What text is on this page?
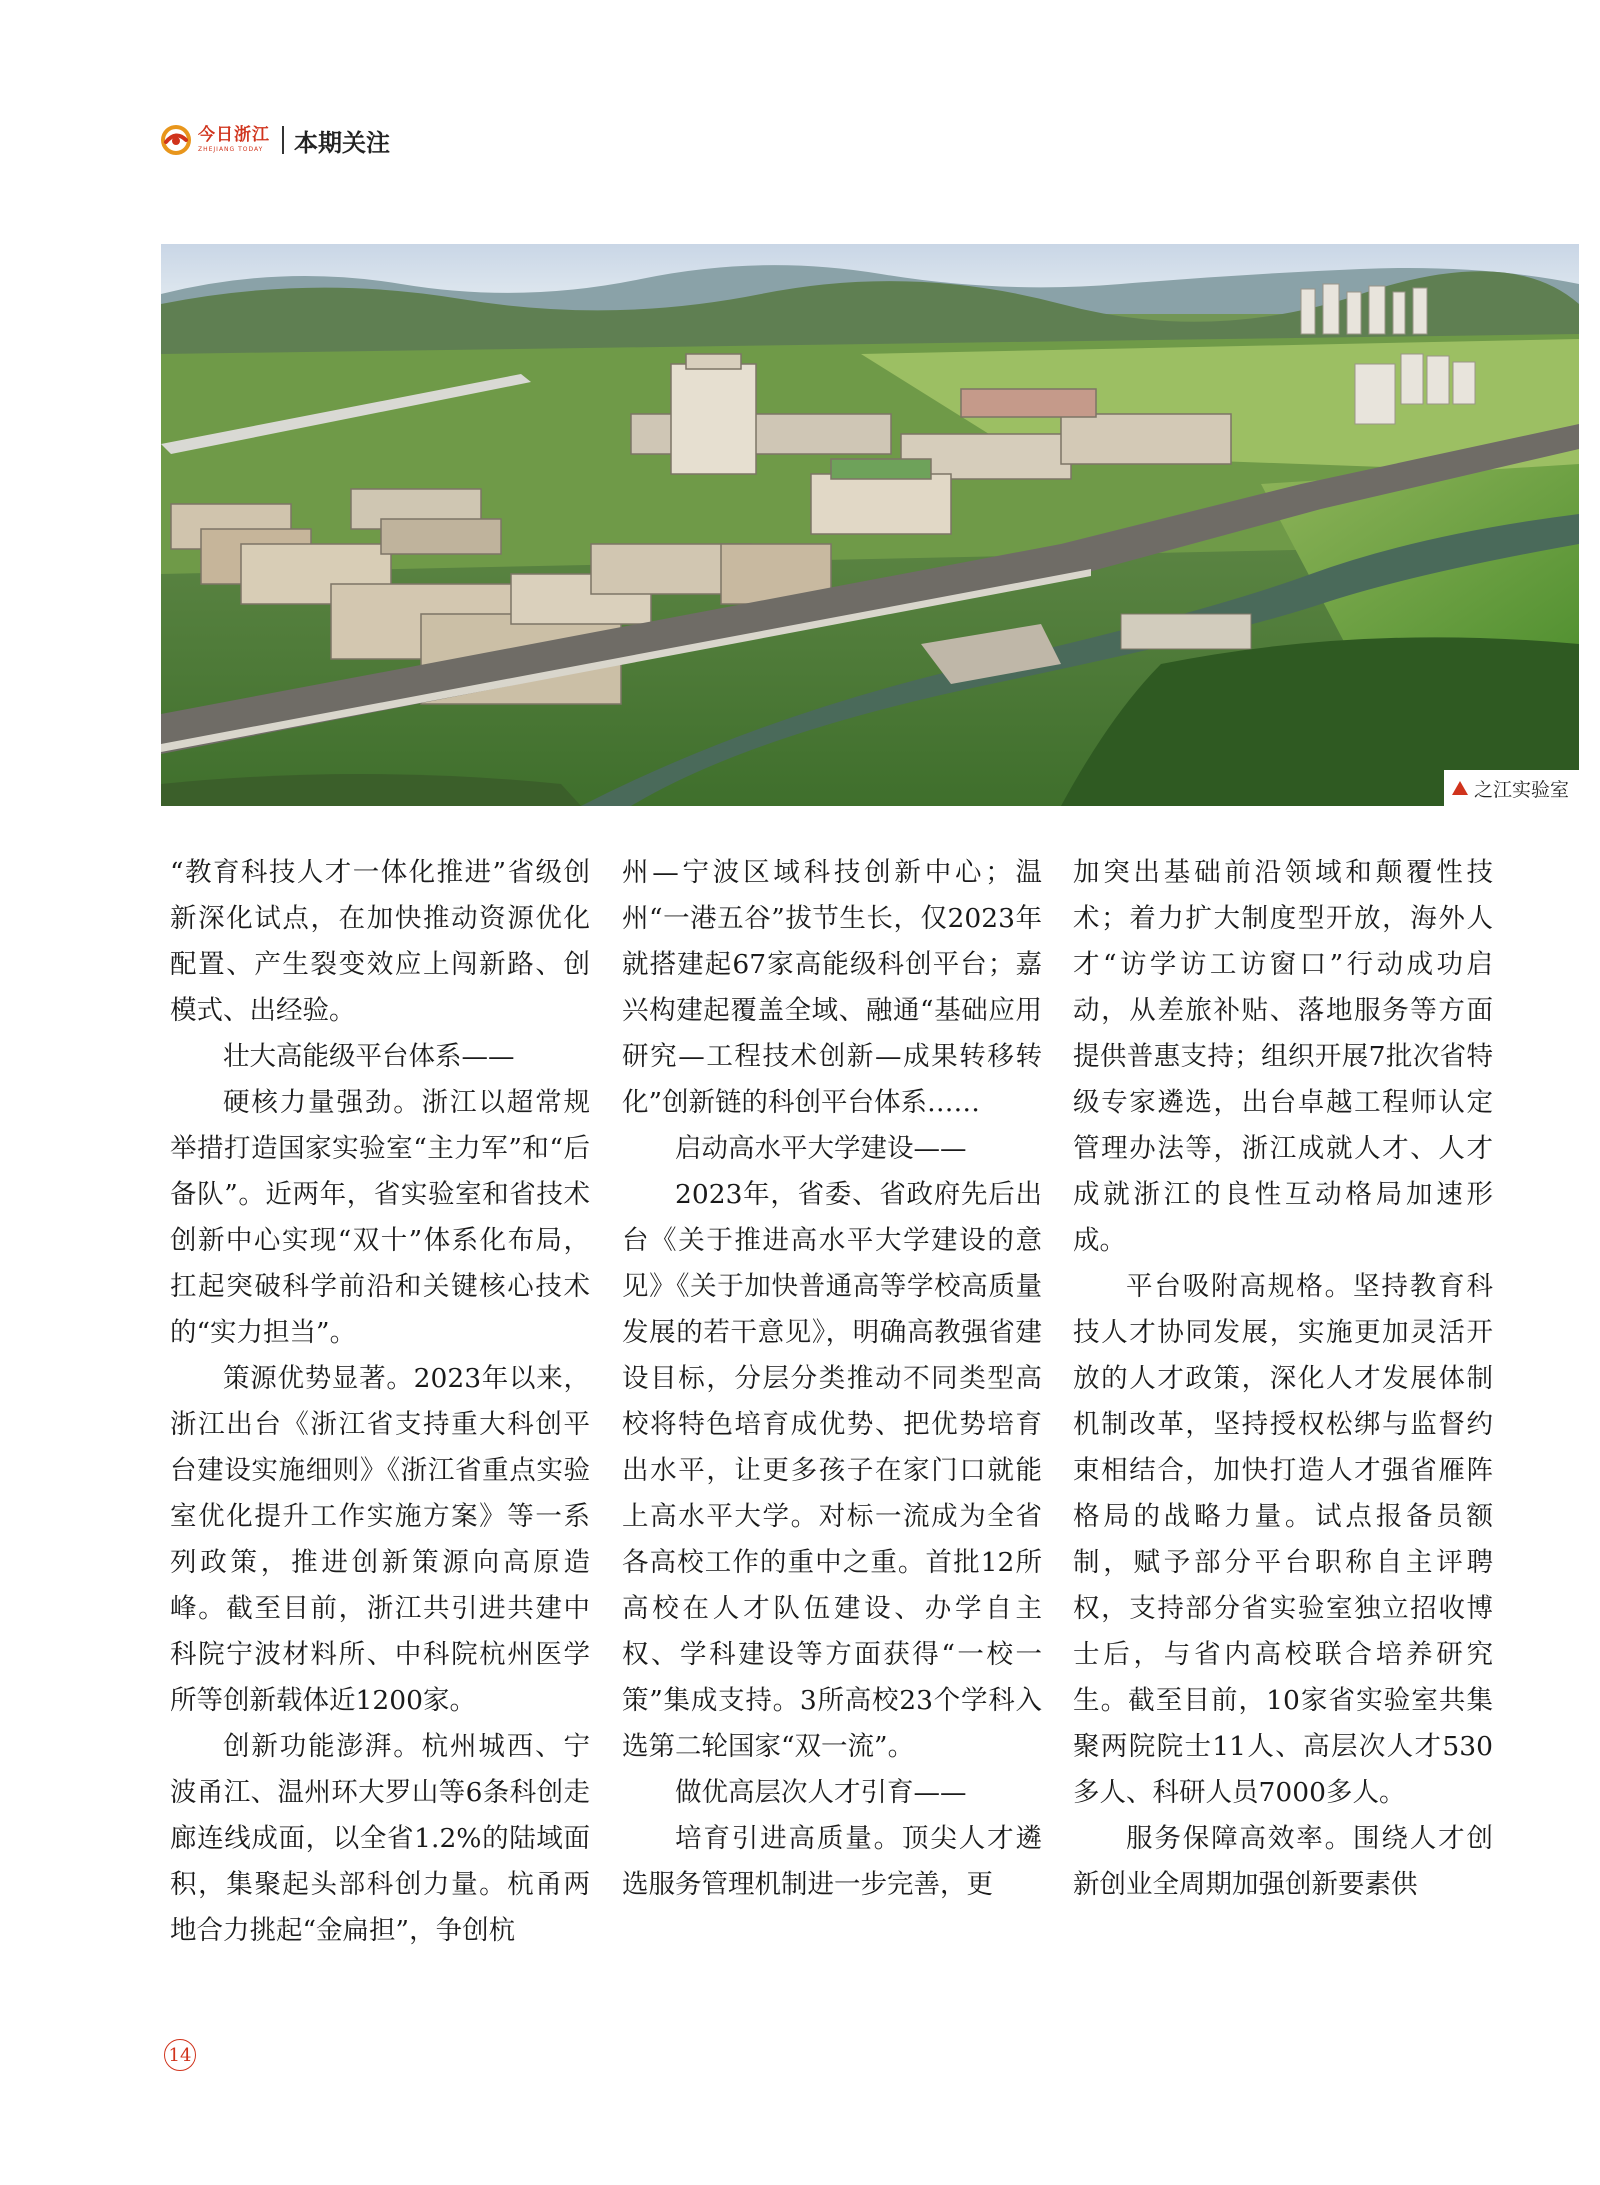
今日浙江
ZHEJIANG TODAY 本期关注
之江实验室

“教育科技人才一体化推进”省级创新深化试点，在加快推动资源优化配置、产生裂变效应上闯新路、创模式、出经验。

壮大高能级平台体系——

硬核力量强劲。浙江以超常规举措打造国家实验室“主力军”和“后备队”。近两年，省实验室和省技术创新中心实现“双十”体系化布局，扛起突破科学前沿和关键核心技术的“实力担当”。

策源优势显著。2023年以来，浙江出台《浙江省支持重大科创平台建设实施细则》《浙江省重点实验室优化提升工作实施方案》等一系列政策，推进创新策源向高原造峰。截至目前，浙江共引进共建中科院宁波材料所、中科院杭州医学所等创新载体近1200家。

创新功能澎湃。杭州城西、宁波甬江、温州环大罗山等6条科创走廊连线成面，以全省1.2%的陆域面积，集聚起头部科创力量。杭甬两地合力挑起“金扁担”，争创杭

州—宁波区域科技创新中心；温州“一港五谷”拔节生长，仅2023年就搭建起67家高能级科创平台；嘉兴构建起覆盖全域、融通“基础应用研究—工程技术创新—成果转移转化”创新链的科创平台体系……

启动高水平大学建设——

2023年，省委、省政府先后出台《关于推进高水平大学建设的意见》《关于加快普通高等学校高质量发展的若干意见》，明确高教强省建设目标，分层分类推动不同类型高校将特色培育成优势、把优势培育出水平，让更多孩子在家门口就能上高水平大学。对标一流成为全省各高校工作的重中之重。首批12所高校在人才队伍建设、办学自主权、学科建设等方面获得“一校一策”集成支持。3所高校23个学科入选第二轮国家“双一流”。

做优高层次人才引育——

培育引进高质量。顶尖人才遴选服务管理机制进一步完善，更

加突出基础前沿领域和颠覆性技术；着力扩大制度型开放，海外人才“访学访工访窗口”行动成功启动，从差旅补贴、落地服务等方面提供普惠支持；组织开展7批次省特级专家遴选，出台卓越工程师认定管理办法等，浙江成就人才、人才成就浙江的良性互动格局加速形成。

平台吸附高规格。坚持教育科技人才协同发展，实施更加灵活开放的人才政策，深化人才发展体制机制改革，坚持授权松绑与监督约束相结合，加快打造人才强省雁阵格局的战略力量。试点报备员额制，赋予部分平台职称自主评聘权，支持部分省实验室独立招收博士后，与省内高校联合培养研究生。截至目前，10家省实验室共集聚两院院士11人、高层次人才530多人、科研人员7000多人。

服务保障高效率。围绕人才创新创业全周期加强创新要素供

14
